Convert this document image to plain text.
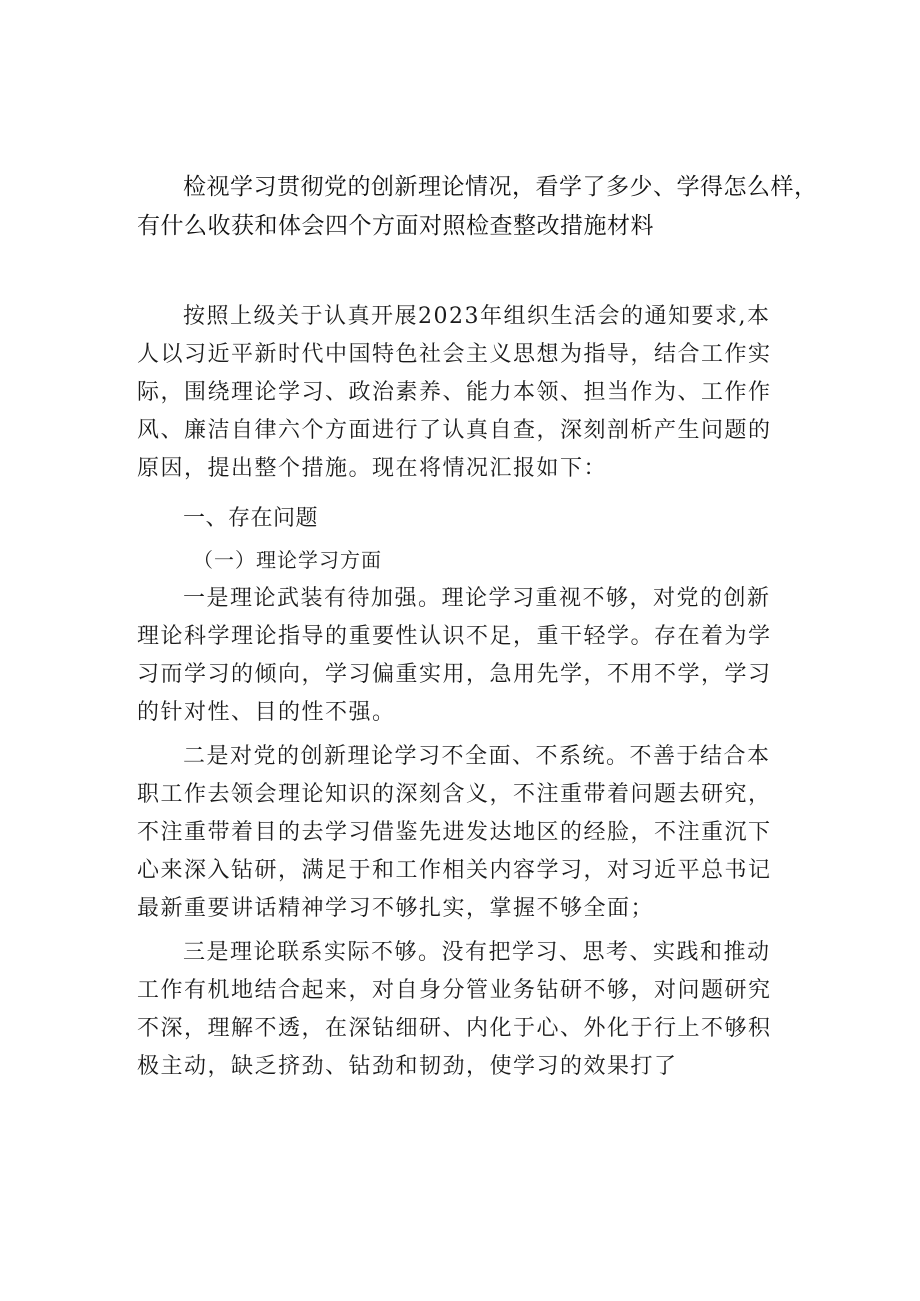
检视学习贯彻党的创新理论情况，看学了多少、学得怎么样，
有什么收获和体会四个方面对照检查整改措施材料

按照上级关于认真开展2023年组织生活会的通知要求,本人以习近平新时代中国特色社会主义思想为指导，结合工作实际，围绕理论学习、政治素养、能力本领、担当作为、工作作风、廉洁自律六个方面进行了认真自查，深刻剖析产生问题的原因，提出整个措施。现在将情况汇报如下：

一、存在问题

（一）理论学习方面

一是理论武装有待加强。理论学习重视不够，对党的创新理论科学理论指导的重要性认识不足，重干轻学。存在着为学习而学习的倾向，学习偏重实用，急用先学，不用不学，学习的针对性、目的性不强。

二是对党的创新理论学习不全面、不系统。不善于结合本职工作去领会理论知识的深刻含义，不注重带着问题去研究，不注重带着目的去学习借鉴先进发达地区的经脸，不注重沉下心来深入钻研，满足于和工作相关内容学习，对习近平总书记最新重要讲话精神学习不够扎实，掌握不够全面；

三是理论联系实际不够。没有把学习、思考、实践和推动工作有机地结合起来，对自身分管业务钻研不够，对问题研究不深，理解不透，在深钻细研、内化于心、外化于行上不够积极主动，缺乏挤劲、钻劲和韧劲，使学习的效果打了
